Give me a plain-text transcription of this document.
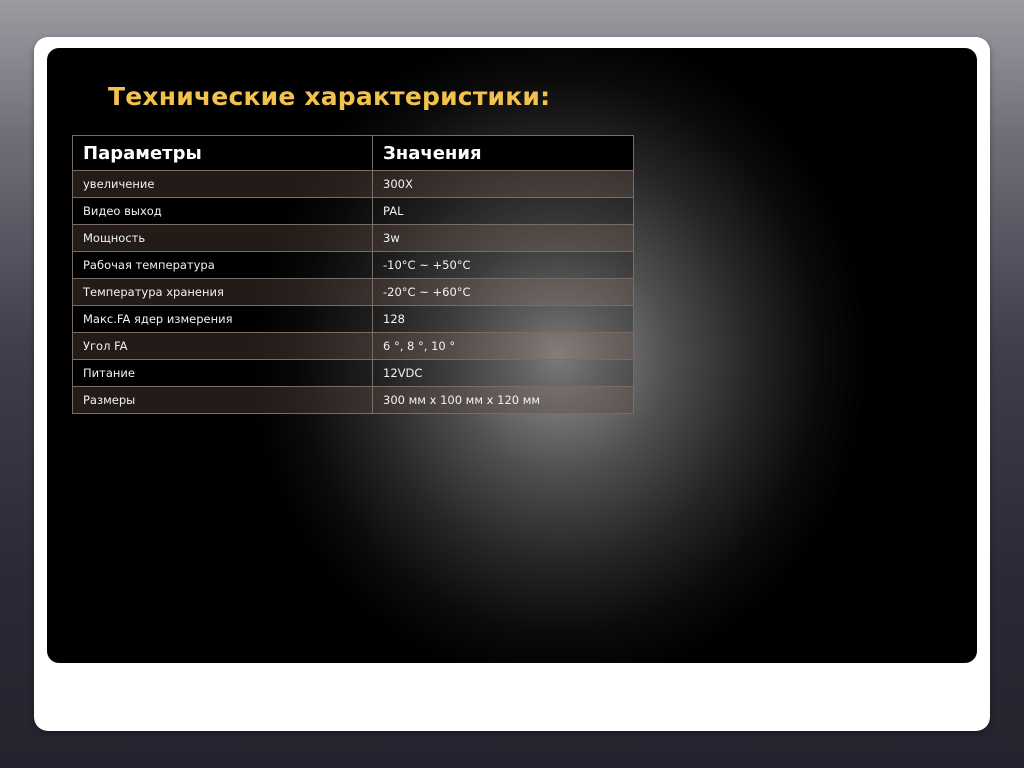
Технические характеристики:
Параметры	Значения
увеличение	300X
Видео выход	PAL
Мощность	3w
Рабочая температура	-10°C ~ +50°C
Температура хранения	-20°C ~ +60°C
Макс.FA ядер измерения	128
Угол FA	6 °, 8 °, 10 °
Питание	12VDC
Размеры	300 мм x 100 мм x 120 мм
